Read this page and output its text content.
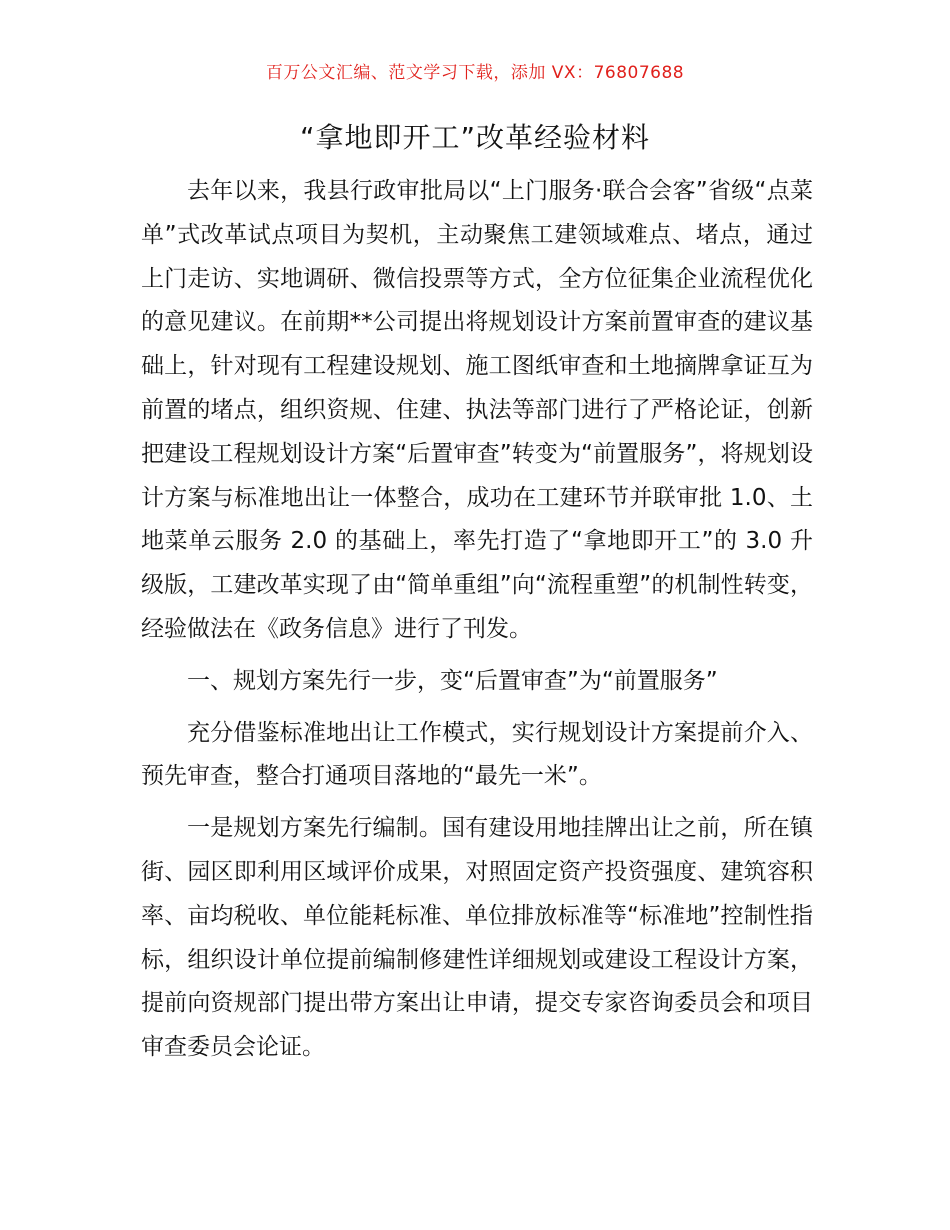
百万公文汇编、范文学习下载，添加 VX：76807688
“拿地即开工”改革经验材料

去年以来，我县行政审批局以“上门服务·联合会客”省级“点菜单”式改革试点项目为契机，主动聚焦工建领域难点、堵点，通过上门走访、实地调研、微信投票等方式，全方位征集企业流程优化的意见建议。在前期**公司提出将规划设计方案前置审查的建议基础上，针对现有工程建设规划、施工图纸审查和土地摘牌拿证互为前置的堵点，组织资规、住建、执法等部门进行了严格论证，创新把建设工程规划设计方案“后置审查”转变为“前置服务”，将规划设计方案与标准地出让一体整合，成功在工建环节并联审批 1.0、土地菜单云服务 2.0 的基础上，率先打造了“拿地即开工”的 3.0 升级版，工建改革实现了由“简单重组”向“流程重塑”的机制性转变，经验做法在《政务信息》进行了刊发。

一、规划方案先行一步，变“后置审查”为“前置服务”

充分借鉴标准地出让工作模式，实行规划设计方案提前介入、预先审查，整合打通项目落地的“最先一米”。

一是规划方案先行编制。国有建设用地挂牌出让之前，所在镇街、园区即利用区域评价成果，对照固定资产投资强度、建筑容积率、亩均税收、单位能耗标准、单位排放标准等“标准地”控制性指标，组织设计单位提前编制修建性详细规划或建设工程设计方案，提前向资规部门提出带方案出让申请，提交专家咨询委员会和项目审查委员会论证。
